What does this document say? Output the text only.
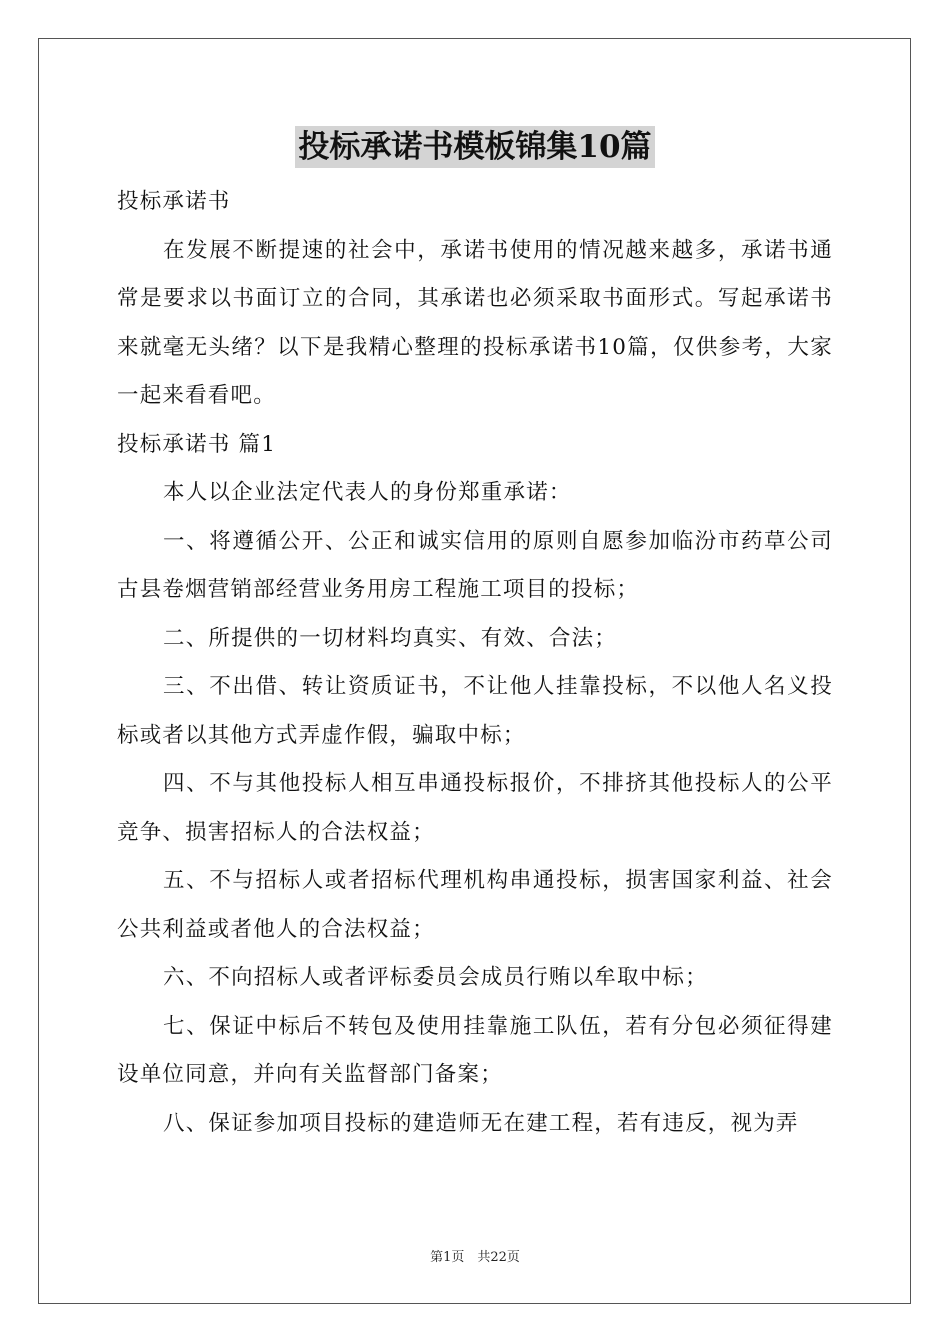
投标承诺书模板锦集10篇

投标承诺书

在发展不断提速的社会中，承诺书使用的情况越来越多，承诺书通常是要求以书面订立的合同，其承诺也必须采取书面形式。写起承诺书来就毫无头绪？以下是我精心整理的投标承诺书10篇，仅供参考，大家一起来看看吧。

投标承诺书 篇1

本人以企业法定代表人的身份郑重承诺：

一、将遵循公开、公正和诚实信用的原则自愿参加临汾市药草公司古县卷烟营销部经营业务用房工程施工项目的投标；

二、所提供的一切材料均真实、有效、合法；

三、不出借、转让资质证书，不让他人挂靠投标，不以他人名义投标或者以其他方式弄虚作假，骗取中标；

四、不与其他投标人相互串通投标报价，不排挤其他投标人的公平竞争、损害招标人的合法权益；

五、不与招标人或者招标代理机构串通投标，损害国家利益、社会公共利益或者他人的合法权益；

六、不向招标人或者评标委员会成员行贿以牟取中标；

七、保证中标后不转包及使用挂靠施工队伍，若有分包必须征得建设单位同意，并向有关监督部门备案；

八、保证参加项目投标的建造师无在建工程，若有违反，视为弄

第1页　共22页
